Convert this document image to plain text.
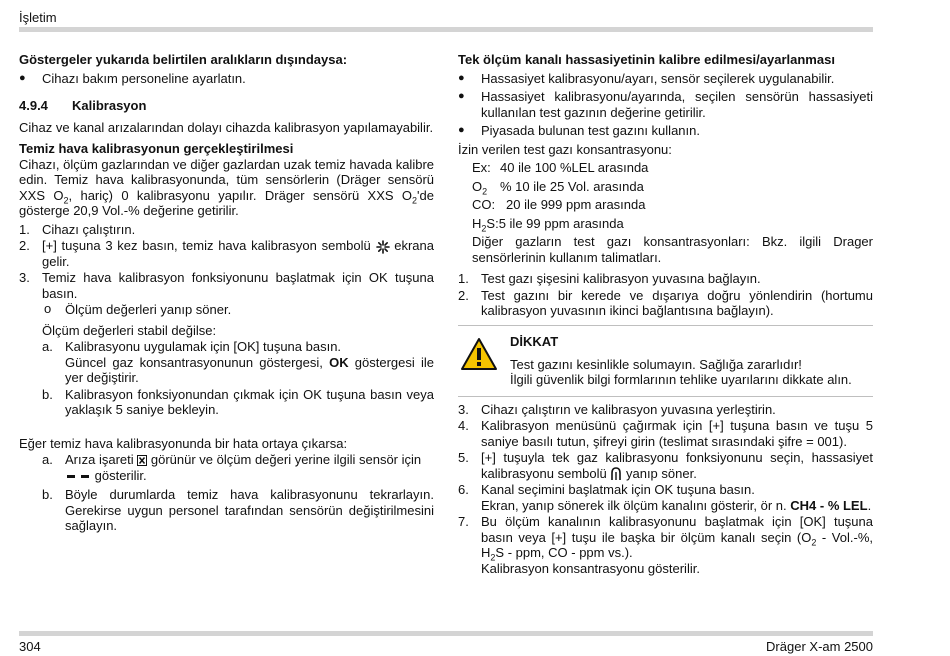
İşletim
Göstergeler yukarıda belirtilen aralıkların dışındaysa:
● Cihazı bakım personeline ayarlatın.
4.9.4 Kalibrasyon
Cihaz ve kanal arızalarından dolayı cihazda kalibrasyon yapılamayabilir.
Temiz hava kalibrasyonun gerçekleştirilmesi
Cihazı, ölçüm gazlarından ve diğer gazlardan uzak temiz havada kalibre edin. Temiz hava kalibrasyonunda, tüm sensörlerin (Dräger sensörü XXS $O_2$, hariç) 0 kalibrasyonu yapılır. Dräger sensörü XXS $O_2'de$ gösterge 20,9 Vol.-% değerine getirilir.
1. Cihazı çalıştırın.
2. [+] tuşuna 3 kez basın, temiz hava kalibrasyon sembolü ekrana gelir.
3. Temiz hava kalibrasyon fonksiyonunu başlatmak için OK tuşuna basın.
o Ölçüm değerleri yanıp söner.
Ölçüm değerleri stabil değilse:
a. Kalibrasyonu uygulamak için [OK] tuşuna basın.
Güncel gaz konsantrasyonunun göstergesi, OK göstergesi ile yer değiştirir.
b. Kalibrasyon fonksiyonundan çıkmak için OK tuşuna basın veya yaklaşık 5 saniye bekleyin.
Eğer temiz hava kalibrasyonunda bir hata ortaya çıkarsa:
a. Arıza işareti görünür ve ölçüm değeri yerine ilgili sensör için
gösterilir.
b. Böyle durumlarda temiz hava kalibrasyonunu tekrarlayın. Gerekirse uygun personel tarafından sensörün değiştirilmesini sağlayın.
Tek ölçüm kanalı hassasiyetinin kalibre edilmesi/ayarlanması
● Hassasiyet kalibrasyonu/ayarı, sensör seçilerek uygulanabilir.
● Hassasiyet kalibrasyonu/ayarında, seçilen sensörün hassasiyeti kullanılan test gazının değerine getirilir.
● Piyasada bulunan test gazını kullanın.
İzin verilen test gazı konsantrasyonu:
Ex: 40 ile 100 %LEL arasında
$O_2$ % 10 ile 25 Vol. arasında
CO: 20 ile 999 ppm arasında
$H_2S$: 5 ile 99 ppm arasında
Diğer gazların test gazı konsantrasyonları: Bkz. ilgili Drager sensörlerinin kullanım talimatları.
1. Test gazı şişesini kalibrasyon yuvasına bağlayın.
2. Test gazını bir kerede ve dışarıya doğru yönlendirin (hortumu kalibrasyon yuvasının ikinci bağlantısına bağlayın).
DİKKAT
Test gazını kesinlikle solumayın. Sağlığa zararlıdır!
İlgili güvenlik bilgi formlarının tehlike uyarılarını dikkate alın.
3. Cihazı çalıştırın ve kalibrasyon yuvasına yerleştirin.
4. Kalibrasyon menüsünü çağırmak için [+] tuşuna basın ve tuşu 5 saniye basılı tutun, şifreyi girin (teslimat sırasındaki şifre = 001).
5. [+] tuşuyla tek gaz kalibrasyonu fonksiyonunu seçin, hassasiyet kalibrasyonu sembolü yanıp söner.
6. Kanal seçimini başlatmak için OK tuşuna basın.
Ekran, yanıp sönerek ilk ölçüm kanalını gösterir, ör n. CH4 - % LEL.
7. Bu ölçüm kanalının kalibrasyonunu başlatmak için [OK] tuşuna basın veya [+] tuşu ile başka bir ölçüm kanalı seçin ($O_2 - Vol.-\%$, $H_2S$ - ppm, CO - ppm vs.).
Kalibrasyon konsantrasyonu gösterilir.
304	Dräger X-am 2500
